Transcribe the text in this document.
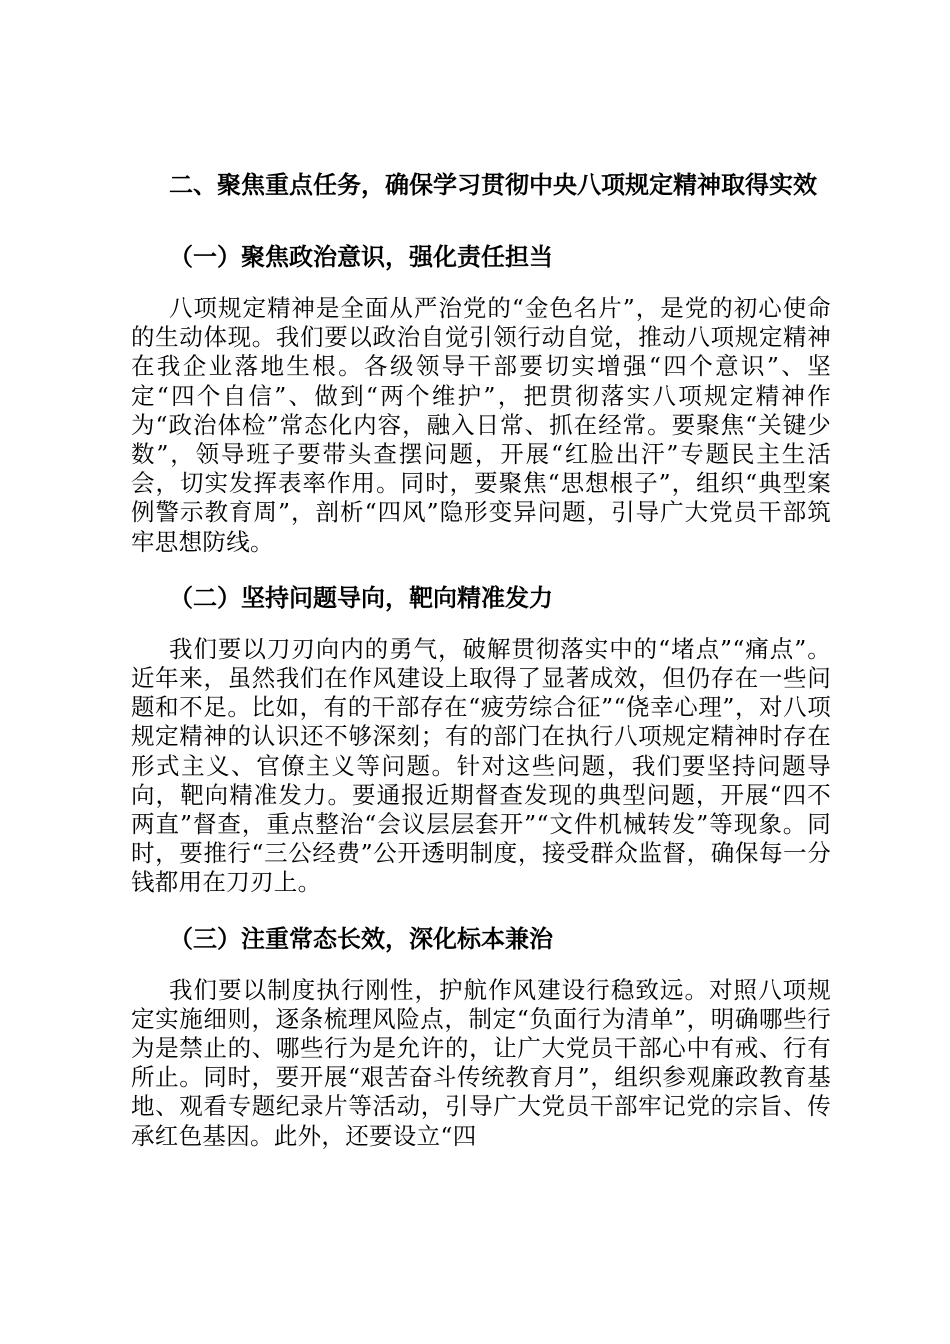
二、聚焦重点任务，确保学习贯彻中央八项规定精神取得实效

（一）聚焦政治意识，强化责任担当

八项规定精神是全面从严治党的“金色名片”，是党的初心使命的生动体现。我们要以政治自觉引领行动自觉，推动八项规定精神在我企业落地生根。各级领导干部要切实增强“四个意识”、坚定“四个自信”、做到“两个维护”，把贯彻落实八项规定精神作为“政治体检”常态化内容，融入日常、抓在经常。要聚焦“关键少数”，领导班子要带头查摆问题，开展“红脸出汗”专题民主生活会，切实发挥表率作用。同时，要聚焦“思想根子”，组织“典型案例警示教育周”，剖析“四风”隐形变异问题，引导广大党员干部筑牢思想防线。

（二）坚持问题导向，靶向精准发力

我们要以刀刃向内的勇气，破解贯彻落实中的“堵点”“痛点”。近年来，虽然我们在作风建设上取得了显著成效，但仍存在一些问题和不足。比如，有的干部存在“疲劳综合征”“侥幸心理”，对八项规定精神的认识还不够深刻；有的部门在执行八项规定精神时存在形式主义、官僚主义等问题。针对这些问题，我们要坚持问题导向，靶向精准发力。要通报近期督查发现的典型问题，开展“四不两直”督查，重点整治“会议层层套开”“文件机械转发”等现象。同时，要推行“三公经费”公开透明制度，接受群众监督，确保每一分钱都用在刀刃上。

（三）注重常态长效，深化标本兼治

我们要以制度执行刚性，护航作风建设行稳致远。对照八项规定实施细则，逐条梳理风险点，制定“负面行为清单”，明确哪些行为是禁止的、哪些行为是允许的，让广大党员干部心中有戒、行有所止。同时，要开展“艰苦奋斗传统教育月”，组织参观廉政教育基地、观看专题纪录片等活动，引导广大党员干部牢记党的宗旨、传承红色基因。此外，还要设立“四
